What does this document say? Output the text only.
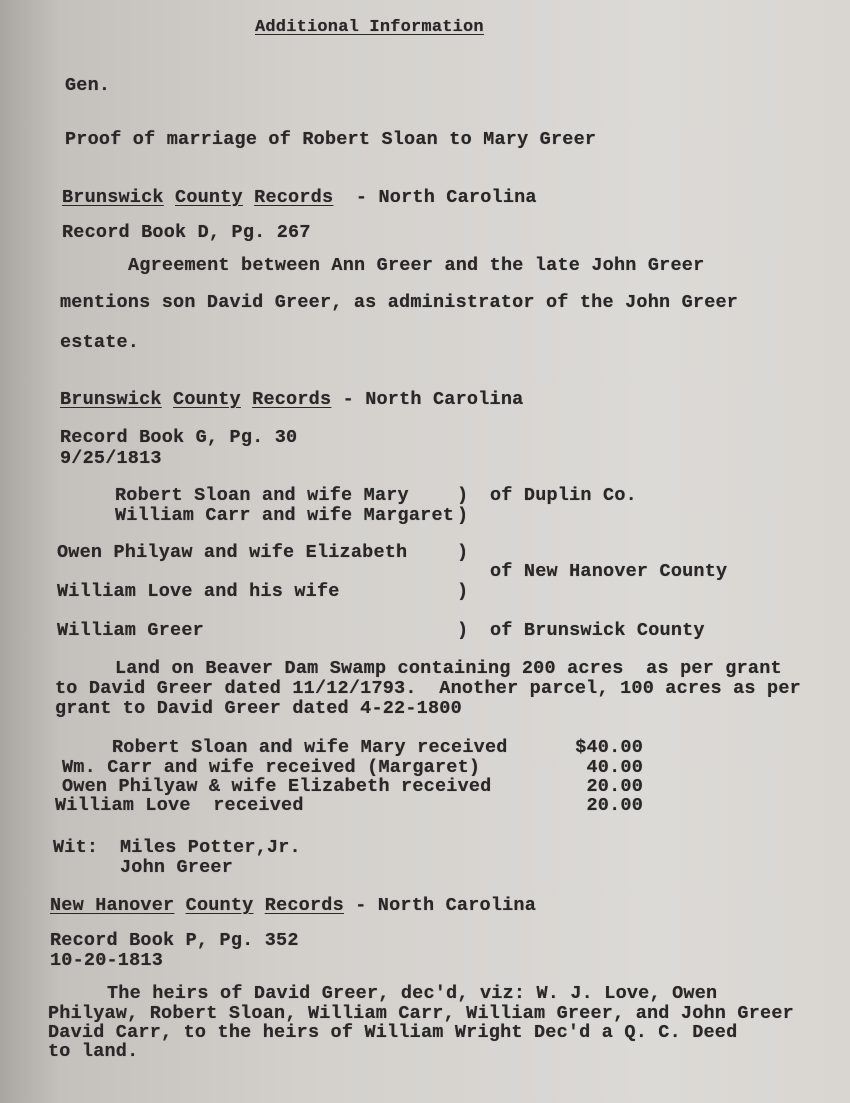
Additional Information
Gen.
Proof of marriage of Robert Sloan to Mary Greer
Brunswick County Records - North Carolina
Record Book D, Pg. 267
Agreement between Ann Greer and the late John Greer
mentions son David Greer, as administrator of the John Greer
estate.
Brunswick County Records - North Carolina
Record Book G, Pg. 30
9/25/1813
Robert Sloan and wife Mary	) of Duplin Co.
William Carr and wife Margaret )
Owen Philyaw and wife Elizabeth	)
of New Hanover County
William Love and his wife	)
William Greer	) of Brunswick County
Land on Beaver Dam Swamp containing 200 acres  as per grant
to David Greer dated 11/12/1793.  Another parcel, 100 acres as per
grant to David Greer dated 4-22-1800
Robert Sloan and wife Mary received	$40.00
Wm. Carr and wife received (Margaret)	40.00
Owen Philyaw & wife Elizabeth received	20.00
William Love  received	20.00
Wit: Miles Potter,Jr.
John Greer
New Hanover County Records - North Carolina
Record Book P, Pg. 352
10-20-1813
The heirs of David Greer, dec'd, viz: W. J. Love, Owen
Philyaw, Robert Sloan, William Carr, William Greer, and John Greer
David Carr, to the heirs of William Wright Dec'd a Q. C. Deed
to land.
